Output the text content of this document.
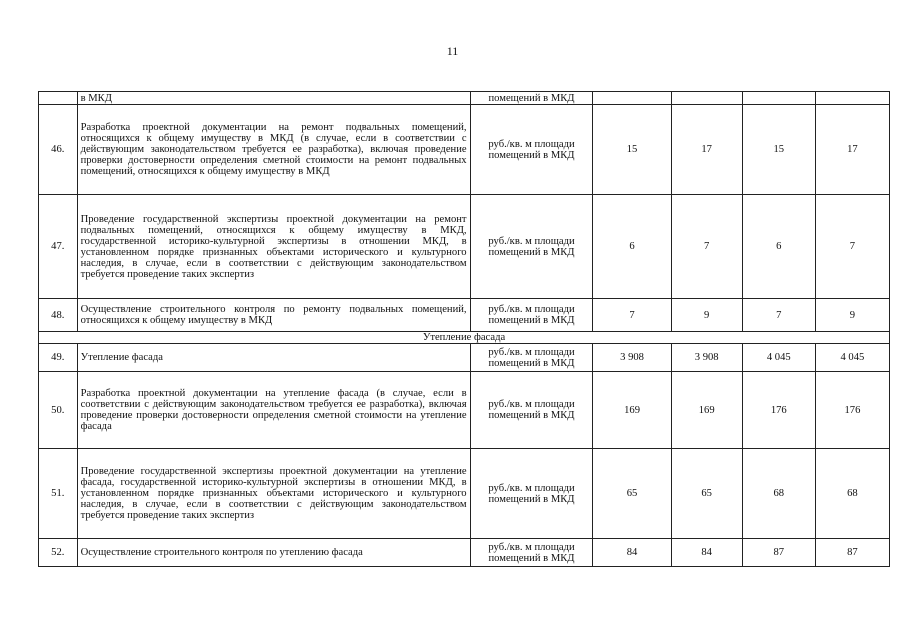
11
	в МКД	помещений в МКД				
46.	Разработка проектной документации на ремонт подвальных помещений, относящихся к общему имуществу в МКД (в случае, если в соответствии с действующим законодательством требуется ее разработка), включая проведение проверки достоверности определения сметной стоимости на ремонт подвальных помещений, относящихся к общему имуществу в МКД	руб./кв. м площади помещений в МКД	15	17	15	17
47.	Проведение государственной экспертизы проектной документации на ремонт подвальных помещений, относящихся к общему имуществу в МКД, государственной историко-культурной экспертизы в отношении МКД, в установленном порядке признанных объектами исторического и культурного наследия, в случае, если в соответствии с действующим законодательством требуется проведение таких экспертиз	руб./кв. м площади помещений в МКД	6	7	6	7
48.	Осуществление строительного контроля по ремонту подвальных помещений, относящихся к общему имуществу в МКД	руб./кв. м площади помещений в МКД	7	9	7	9
Утепление фасада						
49.	Утепление фасада	руб./кв. м площади помещений в МКД	3 908	3 908	4 045	4 045
50.	Разработка проектной документации на утепление фасада (в случае, если в соответствии с действующим законодательством требуется ее разработка), включая проведение проверки достоверности определения сметной стоимости на утепление фасада	руб./кв. м площади помещений в МКД	169	169	176	176
51.	Проведение государственной экспертизы проектной документации на утепление фасада, государственной историко-культурной экспертизы в отношении МКД, в установленном порядке признанных объектами исторического и культурного наследия, в случае, если в соответствии с действующим законодательством требуется проведение таких экспертиз	руб./кв. м площади помещений в МКД	65	65	68	68
52.	Осуществление строительного контроля по утеплению фасада	руб./кв. м площади помещений в МКД	84	84	87	87
